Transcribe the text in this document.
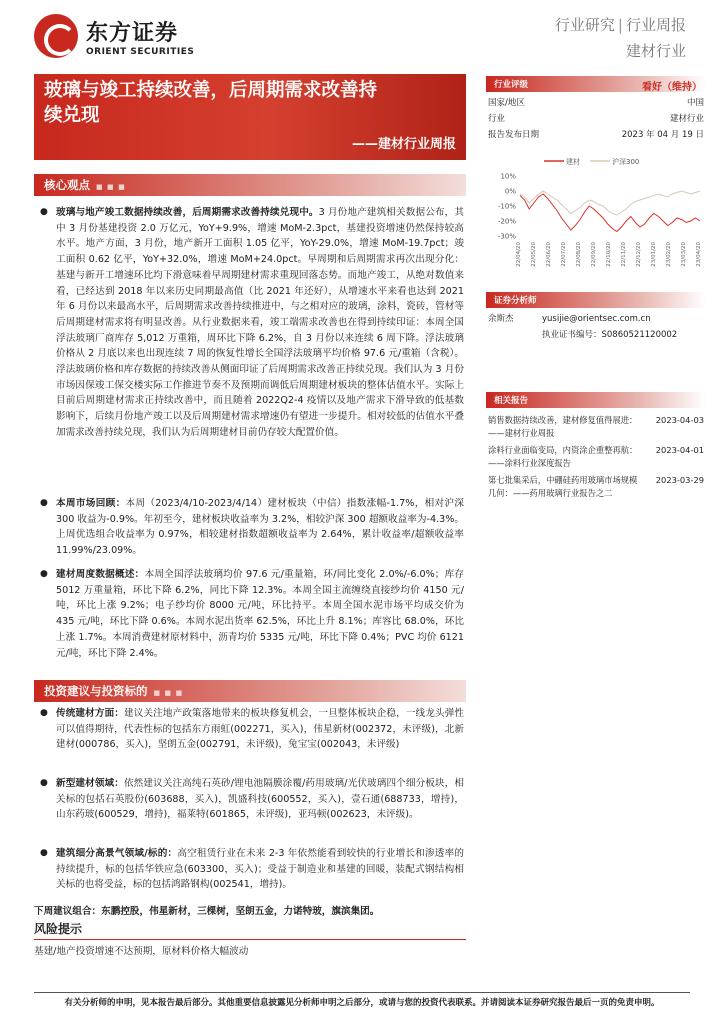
东方证券
ORIENT SECURITIES
行业研究 | 行业周报
建材行业
玻璃与竣工持续改善，后周期需求改善持
续兑现
——建材行业周报
核心观点 ■ ■ ■
● 玻璃与地产竣工数据持续改善，后周期需求改善持续兑现中。3 月份地产建筑相关数据公布，其中 3 月份基建投资 2.0 万亿元，YoY+9.9%，增速 MoM-2.3pct，基建投资增速仍然保持较高水平。地产方面，3 月份，地产新开工面积 1.05 亿平，YoY-29.0%，增速 MoM-19.7pct；竣工面积 0.62 亿平，YoY+32.0%，增速 MoM+24.0pct。早周期和后周期需求再次出现分化：基建与新开工增速环比均下滑意味着早周期建材需求重现回落态势。而地产竣工，从绝对数值来看，已经达到 2018 年以来历史同期最高值（比 2021 年还好），从增速水平来看也达到 2021 年 6 月份以来最高水平，后周期需求改善持续推进中，与之相对应的玻璃，涂料，瓷砖，管材等后周期建材需求将有明显改善。从行业数据来看，竣工端需求改善也在得到持续印证：本周全国浮法玻璃厂商库存 5,012 万重箱，周环比下降 6.2%，自 3 月份以来连续 6 周下降。浮法玻璃价格从 2 月底以来也出现连续 7 周的恢复性增长全国浮法玻璃平均价格 97.6 元/重箱（含税）。浮法玻璃价格和库存数据的持续改善从侧面印证了后周期需求改善正持续兑现。我们认为 3 月份市场因保竣工保交楼实际工作推进节奏不及预期而调低后周期建材板块的整体估值水平。实际上目前后周期建材需求正持续改善中，而且随着 2022Q2-4 疫情以及地产需求下滑导致的低基数影响下，后续月份地产竣工以及后周期建材需求增速仍有望进一步提升。相对较低的估值水平叠加需求改善持续兑现，我们认为后周期建材目前仍存较大配置价值。
● 本周市场回顾：本周（2023/4/10-2023/4/14）建材板块（中信）指数涨幅-1.7%，相对沪深 300 收益为-0.9%。年初至今，建材板块收益率为 3.2%，相较沪深 300 超额收益率为-4.3%。上周优选组合收益率为 0.97%，相较建材指数超额收益率为 2.64%，累计收益率/超额收益率 11.99%/23.09%。
● 建材周度数据概述：本周全国浮法玻璃均价 97.6 元/重量箱，环/同比变化 2.0%/-6.0%；库存 5012 万重量箱，环比下降 6.2%，同比下降 12.3%。本周全国主流缠绕直接纱均价 4150 元/吨，环比上涨 9.2%；电子纱均价 8000 元/吨，环比持平。本周全国水泥市场平均成交价为 435 元/吨，环比下降 0.6%。本周水泥出货率 62.5%，环比上升 8.1%；库容比 68.0%，环比上涨 1.7%。本周消费建材原材料中，沥青均价 5335 元/吨，环比下降 0.4%；PVC 均价 6121 元/吨，环比下降 2.4%。
投资建议与投资标的 ■ ■ ■
● 传统建材方面：建议关注地产政策落地带来的板块修复机会，一旦整体板块企稳，一线龙头弹性可以值得期待，代表性标的包括东方雨虹(002271，买入)，伟星新材(002372，未评级)，北新建材(000786，买入)，坚朗五金(002791，未评级)，兔宝宝(002043，未评级)
● 新型建材领域：依然建议关注高纯石英砂/锂电池隔膜涂覆/药用玻璃/光伏玻璃四个细分板块，相关标的包括石英股份(603688，买入)，凯盛科技(600552，买入)，壹石通(688733，增持)，山东药玻(600529，增持)，福莱特(601865，未评级)，亚玛顿(002623，未评级)。
● 建筑细分高景气领域/标的：高空租赁行业在未来 2-3 年依然能看到较快的行业增长和渗透率的持续提升，标的包括华铁应急(603300，买入)；受益于制造业和基建的回暖，装配式钢结构相关标的也将受益，标的包括鸿路钢构(002541，增持)。
下周建议组合：东鹏控股，伟星新材，三棵树，坚朗五金，力诺特玻，旗滨集团。
风险提示
基建/地产投资增速不达预期，原材料价格大幅波动
行业评级	看好（维持）
国家/地区	中国
行业	建材行业
报告发布日期	2023 年 04 月 19 日
建材	沪深300
10%
0%
-10%
-20%
-30%
22/04/20 22/05/20 22/06/20 22/07/20 22/08/20 22/09/20 22/10/20 22/11/20 22/12/20 23/01/20 23/02/20 23/03/20 23/04/20
证券分析师
余斯杰	yusijie@orientsec.com.cn
执业证书编号：S0860521120002
相关报告
销售数据持续改善，建材修复值得展进： 2023-04-03
——建材行业周报
涂料行业面临变局，内资涂企重整再航： 2023-04-01
——涂料行业深度报告
第七批集采后，中硼硅药用玻璃市场规模 2023-03-29
几何：——药用玻璃行业报告之二
有关分析师的申明，见本报告最后部分。其他重要信息披露见分析师申明之后部分，或请与您的投资代表联系。并请阅读本证券研究报告最后一页的免责申明。
